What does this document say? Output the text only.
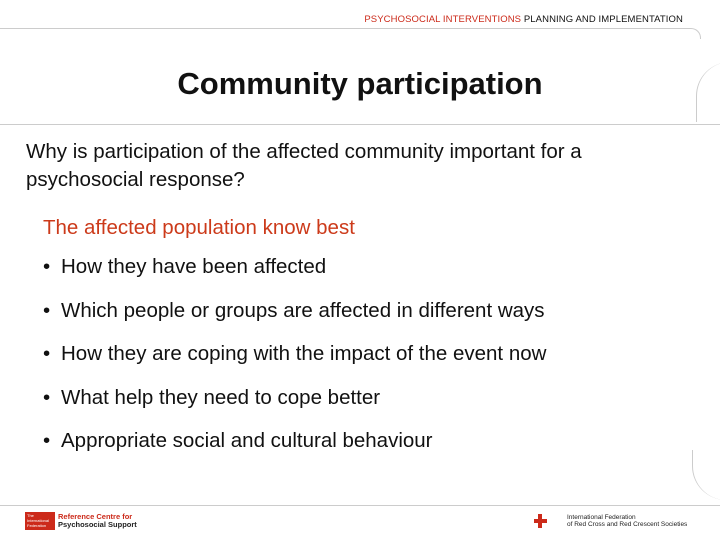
PSYCHOSOCIAL INTERVENTIONS PLANNING AND IMPLEMENTATION
Community participation
Why is participation of the affected community important for a psychosocial response?
The affected population know best
• How they have been affected
• Which people or groups are affected in different ways
• How they are coping with the impact of the event now
• What help they need to cope better
• Appropriate social and cultural behaviour
The International Federation
Reference Centre for
Psychosocial Support
International Federation
of Red Cross and Red Crescent Societies
